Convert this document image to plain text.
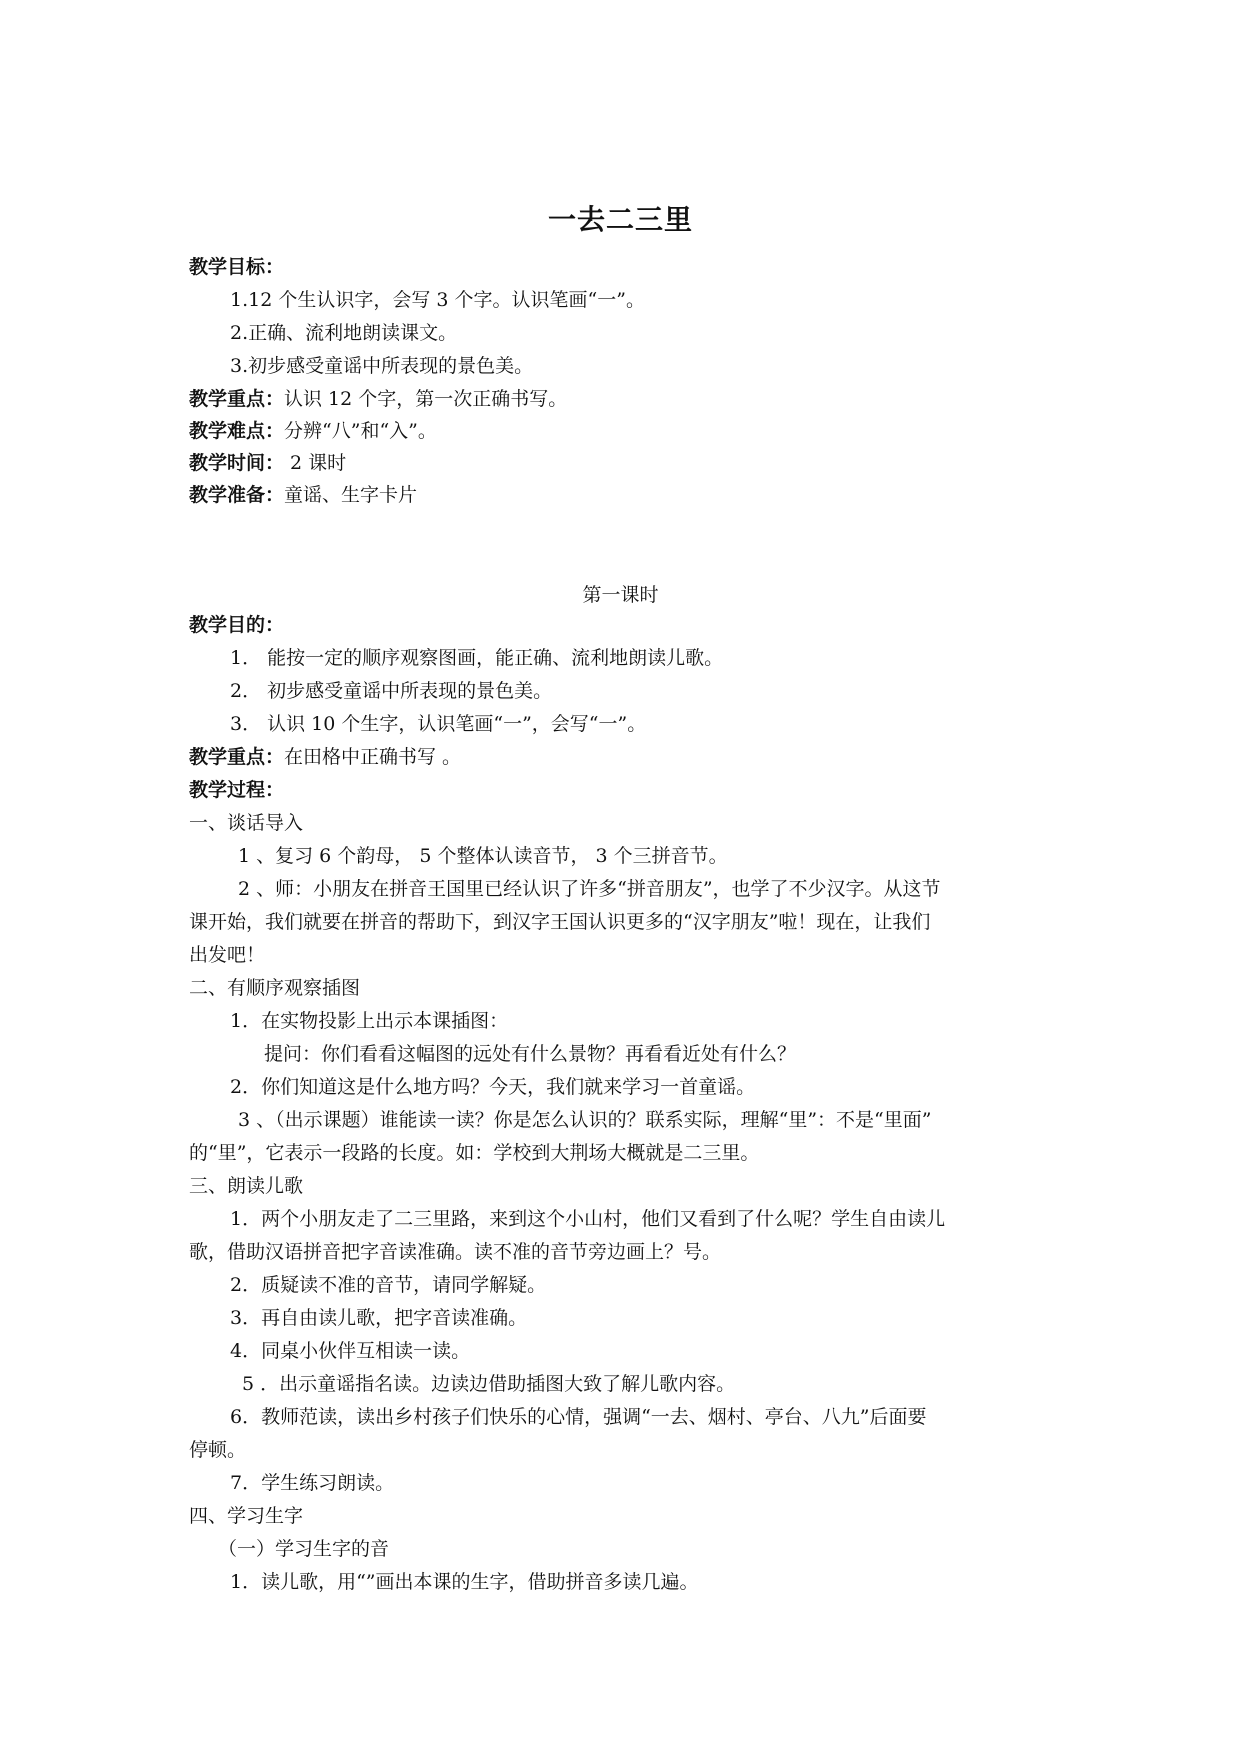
一去二三里
教学目标：
1.12 个生认识字，会写 3 个字。认识笔画“一”。
2.正确、流利地朗读课文。
3.初步感受童谣中所表现的景色美。
教学重点：认识 12 个字，第一次正确书写。
教学难点：分辨“八”和“入”。
教学时间： 2 课时
教学准备：童谣、生字卡片
第一课时
教学目的：
1． 能按一定的顺序观察图画，能正确、流利地朗读儿歌。
2． 初步感受童谣中所表现的景色美。
3． 认识 10 个生字，认识笔画“一”，会写“一”。
教学重点：在田格中正确书写 。
教学过程：
一、谈话导入
1 、复习 6 个韵母， 5 个整体认读音节， 3 个三拼音节。
2 、师：小朋友在拼音王国里已经认识了许多“拼音朋友”，也学了不少汉字。从这节
课开始，我们就要在拼音的帮助下，到汉字王国认识更多的“汉字朋友”啦！现在，让我们
出发吧！
二、有顺序观察插图
1．在实物投影上出示本课插图：
提问：你们看看这幅图的远处有什么景物？再看看近处有什么？
2．你们知道这是什么地方吗？今天，我们就来学习一首童谣。
3 、（出示课题）谁能读一读？你是怎么认识的？联系实际，理解“里”：不是“里面”
的“里”，它表示一段路的长度。如：学校到大荆场大概就是二三里。
三、朗读儿歌
1．两个小朋友走了二三里路，来到这个小山村，他们又看到了什么呢？学生自由读儿
歌，借助汉语拼音把字音读准确。读不准的音节旁边画上？号。
2．质疑读不准的音节，请同学解疑。
3．再自由读儿歌，把字音读准确。
4．同桌小伙伴互相读一读。
5 ．出示童谣指名读。边读边借助插图大致了解儿歌内容。
6．教师范读，读出乡村孩子们快乐的心情，强调“一去、烟村、亭台、八九”后面要
停顿。
7．学生练习朗读。
四、学习生字
（一）学习生字的音
1．读儿歌，用“”画出本课的生字，借助拼音多读几遍。
